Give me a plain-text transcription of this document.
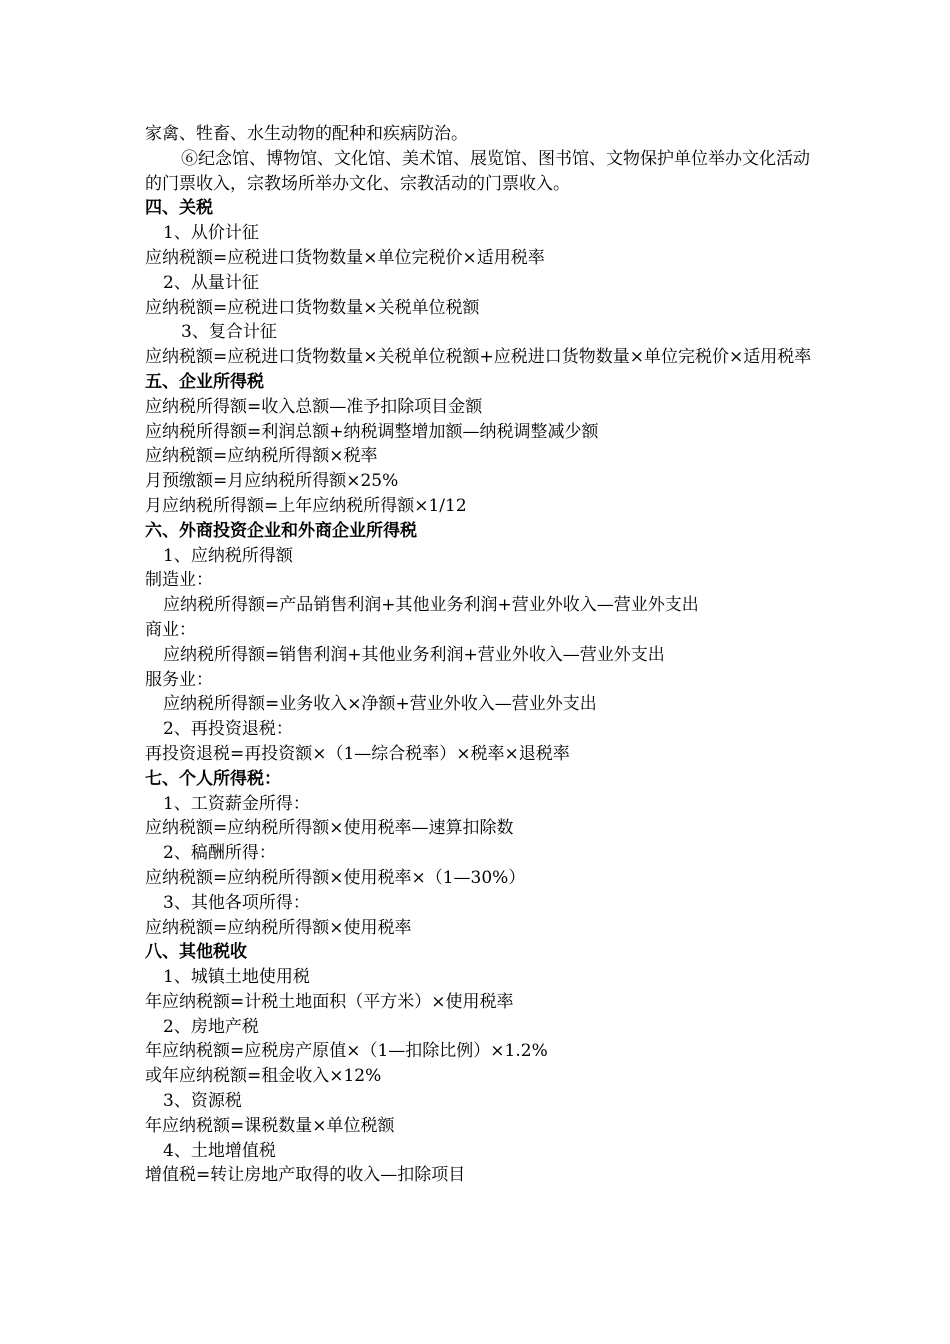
家禽、牲畜、水生动物的配种和疾病防治。
⑥纪念馆、博物馆、文化馆、美术馆、展览馆、图书馆、文物保护单位举办文化活动的门票收入，宗教场所举办文化、宗教活动的门票收入。
四、关税
1、从价计征
应纳税额=应税进口货物数量×单位完税价×适用税率
2、从量计征
应纳税额=应税进口货物数量×关税单位税额
3、复合计征
应纳税额=应税进口货物数量×关税单位税额+应税进口货物数量×单位完税价×适用税率
五、企业所得税
应纳税所得额=收入总额—准予扣除项目金额
应纳税所得额=利润总额+纳税调整增加额—纳税调整减少额
应纳税额=应纳税所得额×税率
月预缴额=月应纳税所得额×25%
月应纳税所得额=上年应纳税所得额×1/12
六、外商投资企业和外商企业所得税
1、应纳税所得额
制造业：
应纳税所得额=产品销售利润+其他业务利润+营业外收入—营业外支出
商业：
应纳税所得额=销售利润+其他业务利润+营业外收入—营业外支出
服务业：
应纳税所得额=业务收入×净额+营业外收入—营业外支出
2、再投资退税：
再投资退税=再投资额×（1—综合税率）×税率×退税率
七、个人所得税：
1、工资薪金所得：
应纳税额=应纳税所得额×使用税率—速算扣除数
2、稿酬所得：
应纳税额=应纳税所得额×使用税率×（1—30%）
3、其他各项所得：
应纳税额=应纳税所得额×使用税率
八、其他税收
1、城镇土地使用税
年应纳税额=计税土地面积（平方米）×使用税率
2、房地产税
年应纳税额=应税房产原值×（1—扣除比例）×1.2%
或年应纳税额=租金收入×12%
3、资源税
年应纳税额=课税数量×单位税额
4、土地增值税
增值税=转让房地产取得的收入—扣除项目
